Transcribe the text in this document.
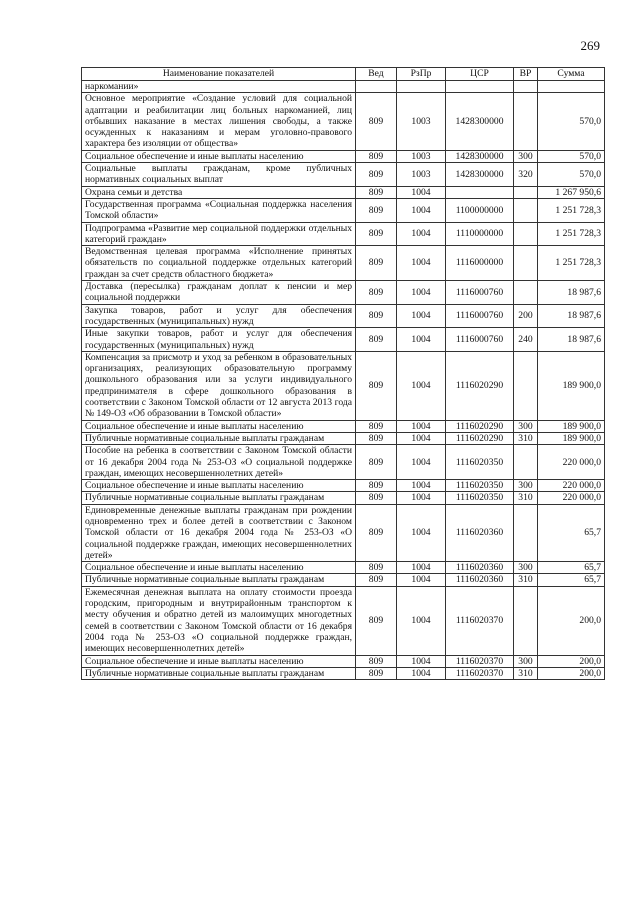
269
Наименование показателей	Вед	РзПр	ЦСР	ВР	Сумма
наркомании»					
Основное мероприятие «Создание условий для социальной адаптации и реабилитации лиц больных наркоманией, лиц отбывших наказание в местах лишения свободы, а также осужденных к наказаниям и мерам уголовно-правового характера без изоляции от общества»	809	1003	1428300000		570,0
Социальное обеспечение и иные выплаты населению	809	1003	1428300000	300	570,0
Социальные выплаты гражданам, кроме публичных нормативных социальных выплат	809	1003	1428300000	320	570,0
Охрана семьи и детства	809	1004			1 267 950,6
Государственная программа «Социальная поддержка населения Томской области»	809	1004	1100000000		1 251 728,3
Подпрограмма «Развитие мер социальной поддержки отдельных категорий граждан»	809	1004	1110000000		1 251 728,3
Ведомственная целевая программа «Исполнение принятых обязательств по социальной поддержке отдельных категорий граждан за счет средств областного бюджета»	809	1004	1116000000		1 251 728,3
Доставка (пересылка) гражданам доплат к пенсии и мер социальной поддержки	809	1004	1116000760		18 987,6
Закупка товаров, работ и услуг для обеспечения государственных (муниципальных) нужд	809	1004	1116000760	200	18 987,6
Иные закупки товаров, работ и услуг для обеспечения государственных (муниципальных) нужд	809	1004	1116000760	240	18 987,6
Компенсация за присмотр и уход за ребенком в образовательных организациях, реализующих образовательную программу дошкольного образования или за услуги индивидуального предпринимателя в сфере дошкольного образования в соответствии с Законом Томской области от 12 августа 2013 года № 149-ОЗ «Об образовании в Томской области»	809	1004	1116020290		189 900,0
Социальное обеспечение и иные выплаты населению	809	1004	1116020290	300	189 900,0
Публичные нормативные социальные выплаты гражданам	809	1004	1116020290	310	189 900,0
Пособие на ребенка в соответствии с Законом Томской области от 16 декабря 2004 года № 253-ОЗ «О социальной поддержке граждан, имеющих несовершеннолетних детей»	809	1004	1116020350		220 000,0
Социальное обеспечение и иные выплаты населению	809	1004	1116020350	300	220 000,0
Публичные нормативные социальные выплаты гражданам	809	1004	1116020350	310	220 000,0
Единовременные денежные выплаты гражданам при рождении одновременно трех и более детей в соответствии с Законом Томской области от 16 декабря 2004 года № 253-ОЗ «О социальной поддержке граждан, имеющих несовершеннолетних детей»	809	1004	1116020360		65,7
Социальное обеспечение и иные выплаты населению	809	1004	1116020360	300	65,7
Публичные нормативные социальные выплаты гражданам	809	1004	1116020360	310	65,7
Ежемесячная денежная выплата на оплату стоимости проезда городским, пригородным и внутрирайонным транспортом к месту обучения и обратно детей из малоимущих многодетных семей в соответствии с Законом Томской области от 16 декабря 2004 года № 253-ОЗ «О социальной поддержке граждан, имеющих несовершеннолетних детей»	809	1004	1116020370		200,0
Социальное обеспечение и иные выплаты населению	809	1004	1116020370	300	200,0
Публичные нормативные социальные выплаты гражданам	809	1004	1116020370	310	200,0
